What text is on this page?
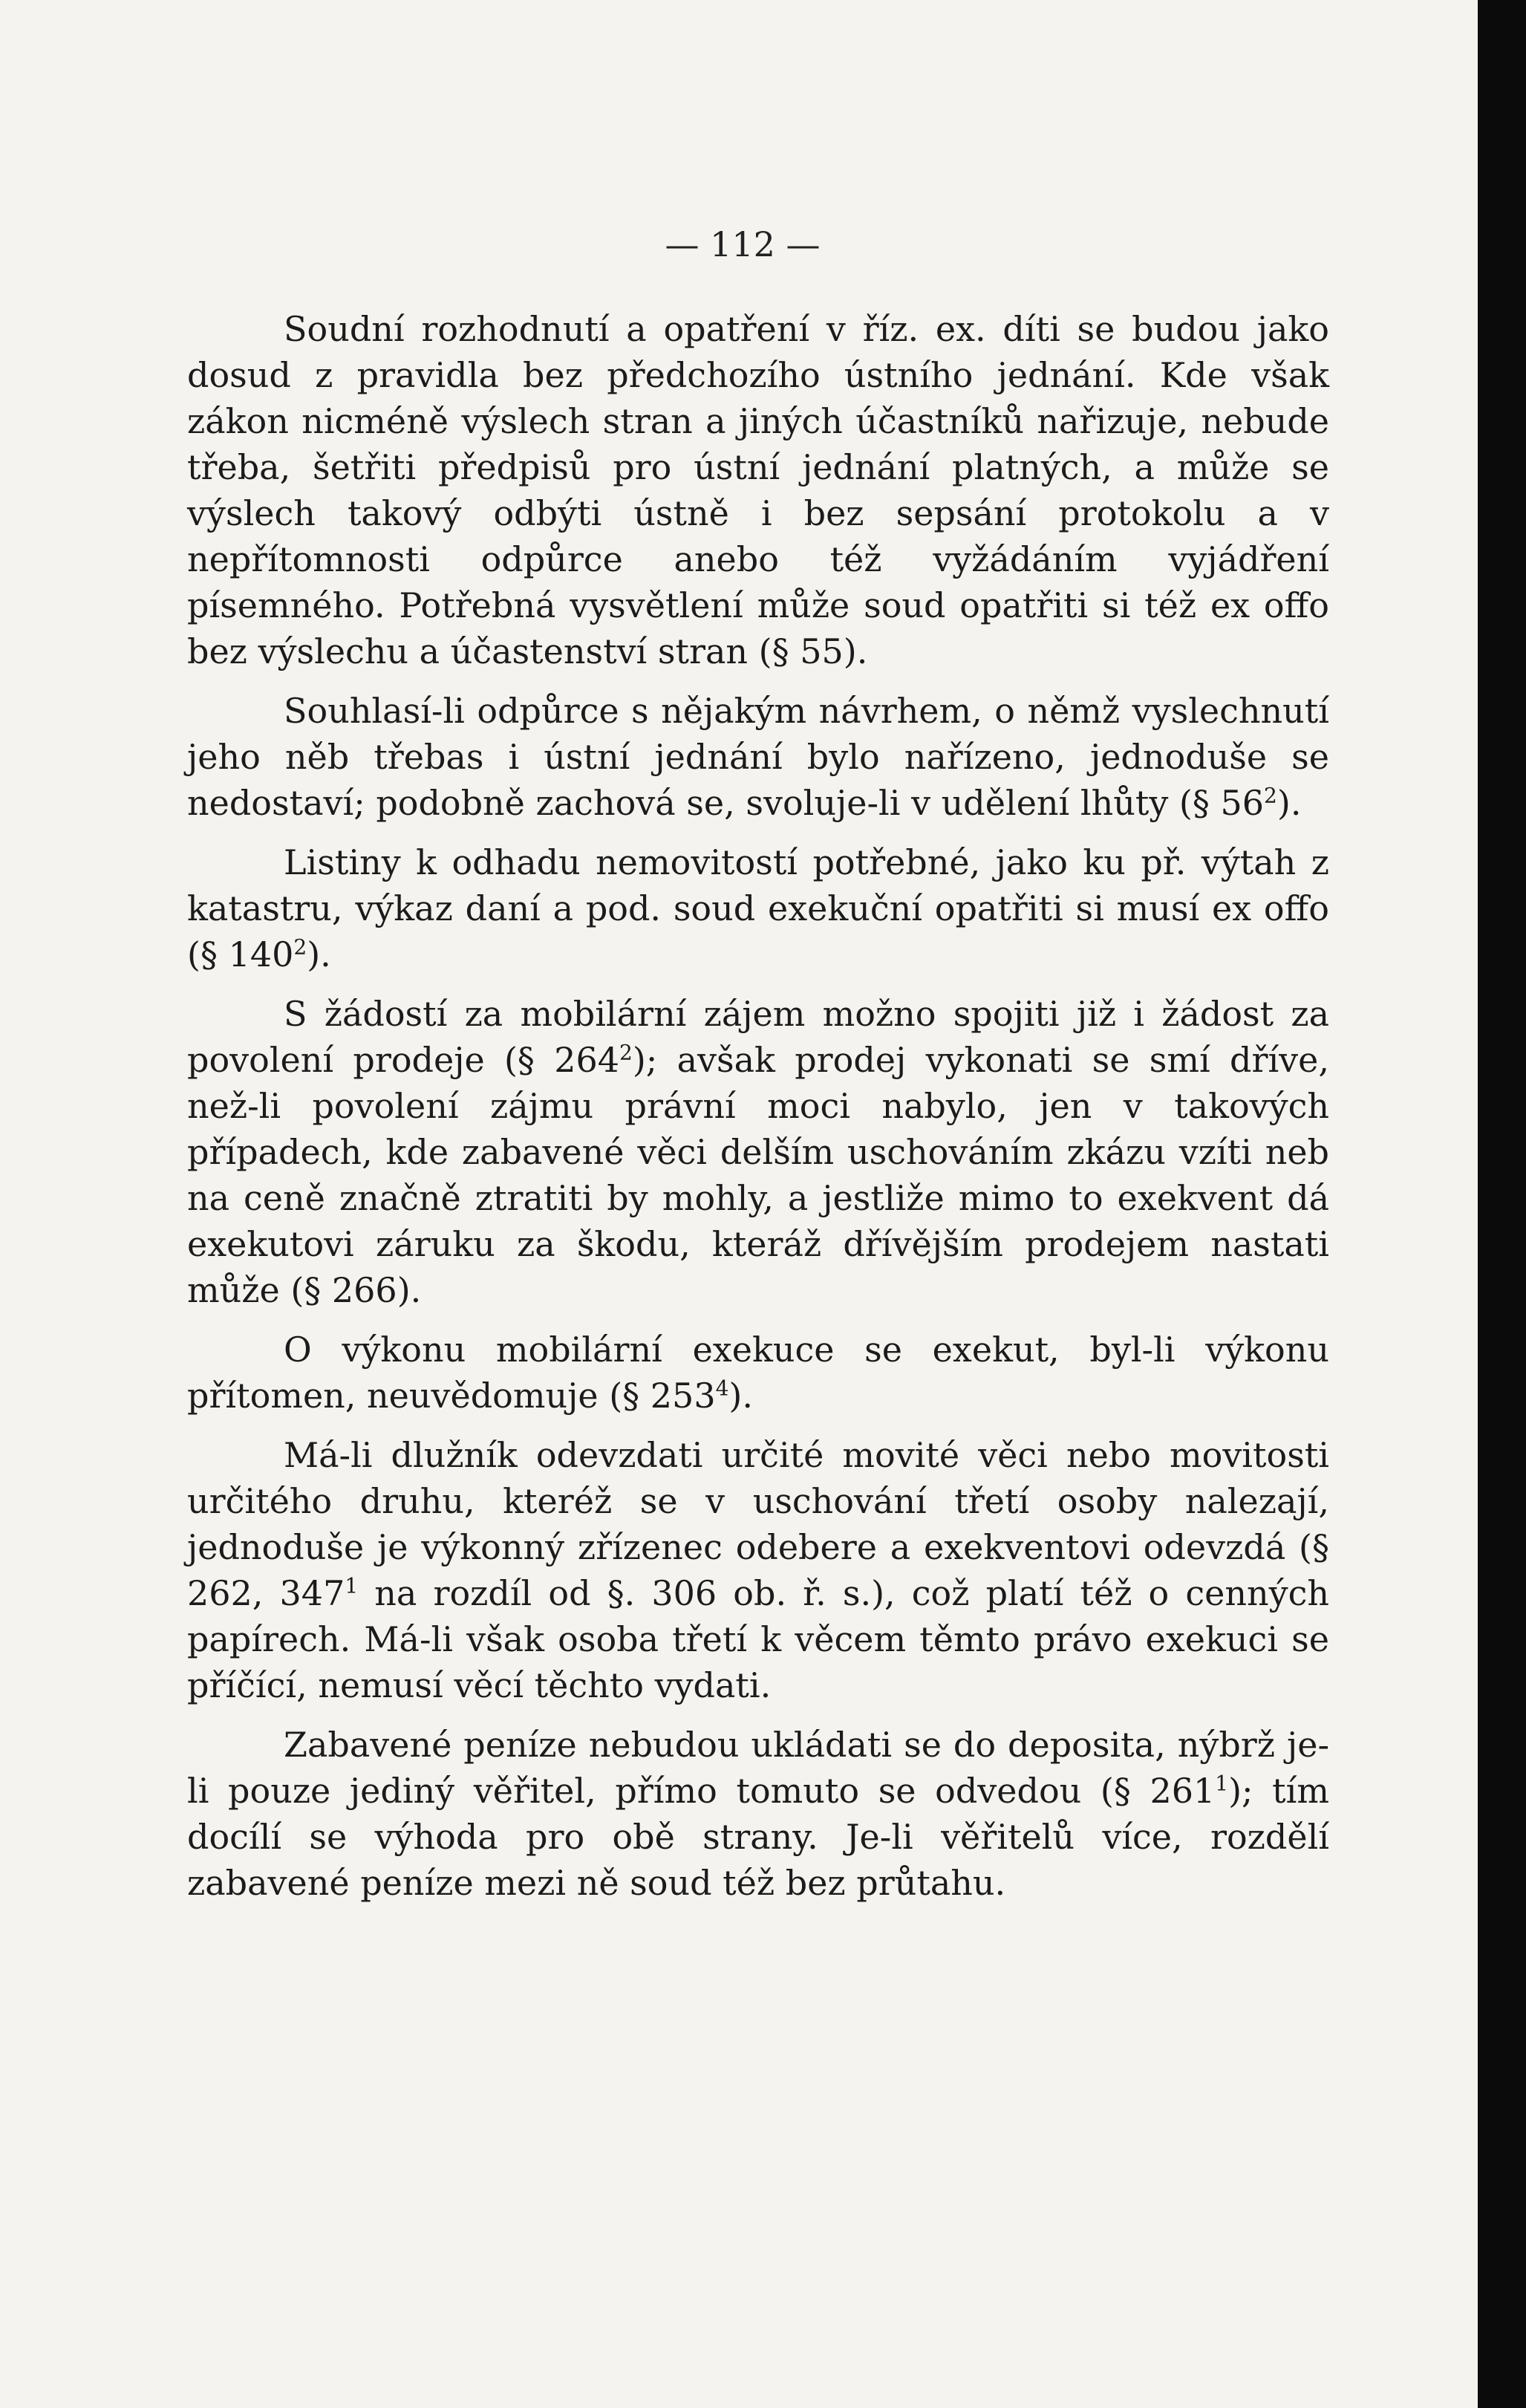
— 112 —

Soudní rozhodnutí a opatření v říz. ex. díti se budou jako dosud z pravidla bez předchozího ústního jednání. Kde však zákon nicméně výslech stran a jiných účastníků nařizuje, nebude třeba, šetřiti předpisů pro ústní jednání platných, a může se výslech takový odbýti ústně i bez sepsání protokolu a v nepřítomnosti odpůrce anebo též vyžádáním vyjádření písemného. Potřebná vysvětlení může soud opatřiti si též ex offo bez výslechu a účastenství stran (§ 55).

Souhlasí-li odpůrce s nějakým návrhem, o němž vyslechnutí jeho něb třebas i ústní jednání bylo nařízeno, jednoduše se nedostaví; podobně zachová se, svoluje-li v udělení lhůty (§ $56^2$).

Listiny k odhadu nemovitostí potřebné, jako ku př. výtah z katastru, výkaz daní a pod. soud exekuční opatřiti si musí ex offo (§ $140^2$).

S žádostí za mobilární zájem možno spojiti již i žádost za povolení prodeje (§ $264^2$); avšak prodej vykonati se smí dříve, než-li povolení zájmu právní moci nabylo, jen v takových případech, kde zabavené věci delším uschováním zkázu vzíti neb na ceně značně ztratiti by mohly, a jestliže mimo to exekvent dá exekutovi záruku za škodu, kteráž dřívějším prodejem nastati může (§ 266).

O výkonu mobilární exekuce se exekut, byl-li výkonu přítomen, neuvědomuje (§ $253^4$).

Má-li dlužník odevzdati určité movité věci nebo movitosti určitého druhu, kteréž se v uschování třetí osoby nalezají, jednoduše je výkonný zřízenec odebere a exekventovi odevzdá (§ 262, $347^1$ na rozdíl od §. 306 ob. ř. s.), což platí též o cenných papírech. Má-li však osoba třetí k věcem těmto právo exekuci se příčící, nemusí věcí těchto vydati.

Zabavené peníze nebudou ukládati se do deposita, nýbrž je-li pouze jediný věřitel, přímo tomuto se odvedou (§ $261^1$); tím docílí se výhoda pro obě strany. Je-li věřitelů více, rozdělí zabavené peníze mezi ně soud též bez průtahu.
